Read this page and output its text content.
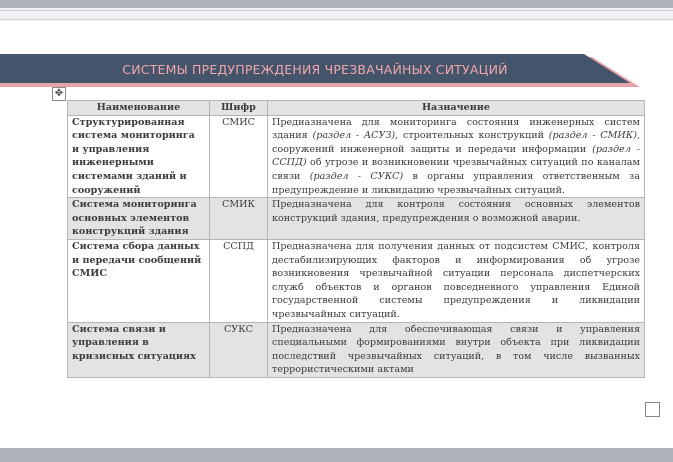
СИСТЕМЫ ПРЕДУПРЕЖДЕНИЯ ЧРЕЗВАЧАЙНЫХ СИТУАЦИЙ
✥
Наименование	Шифр	Назначение
Структурированная система мониторинга и управления инженерными системами зданий и сооружений	СМИС	Предназначена для мониторинга состояния инженерных систем здания (раздел - АСУЗ), строительных конструкций (раздел - СМИК), сооружений инженерной защиты и передачи информации (раздел - ССПД) об угрозе и возникновении чрезвычайных ситуаций по каналам связи (раздел - СУКС) в органы управления ответственным за предупреждение и ликвидацию чрезвычайных ситуаций.
Система мониторинга основных элементов конструкций здания	СМИК	Предназначена для контроля состояния основных элементов конструкций здания, предупреждения о возможной аварии.
Система сбора данных и передачи сообщений СМИС	ССПД	Предназначена для получения данных от подсистем СМИС, контроля дестабилизирующих факторов и информирования об угрозе возникновения чрезвычайной ситуации персонала диспетчерских служб объектов и органов повседневного управления Единой государственной системы предупреждения и ликвидации чрезвычайных ситуаций.
Система связи и управления в кризисных ситуациях	СУКС	Предназначена для обеспечивающая связи и управления специальными формированиями внутри объекта при ликвидации последствий чрезвычайных ситуаций, в том числе вызванных террористическими актами
